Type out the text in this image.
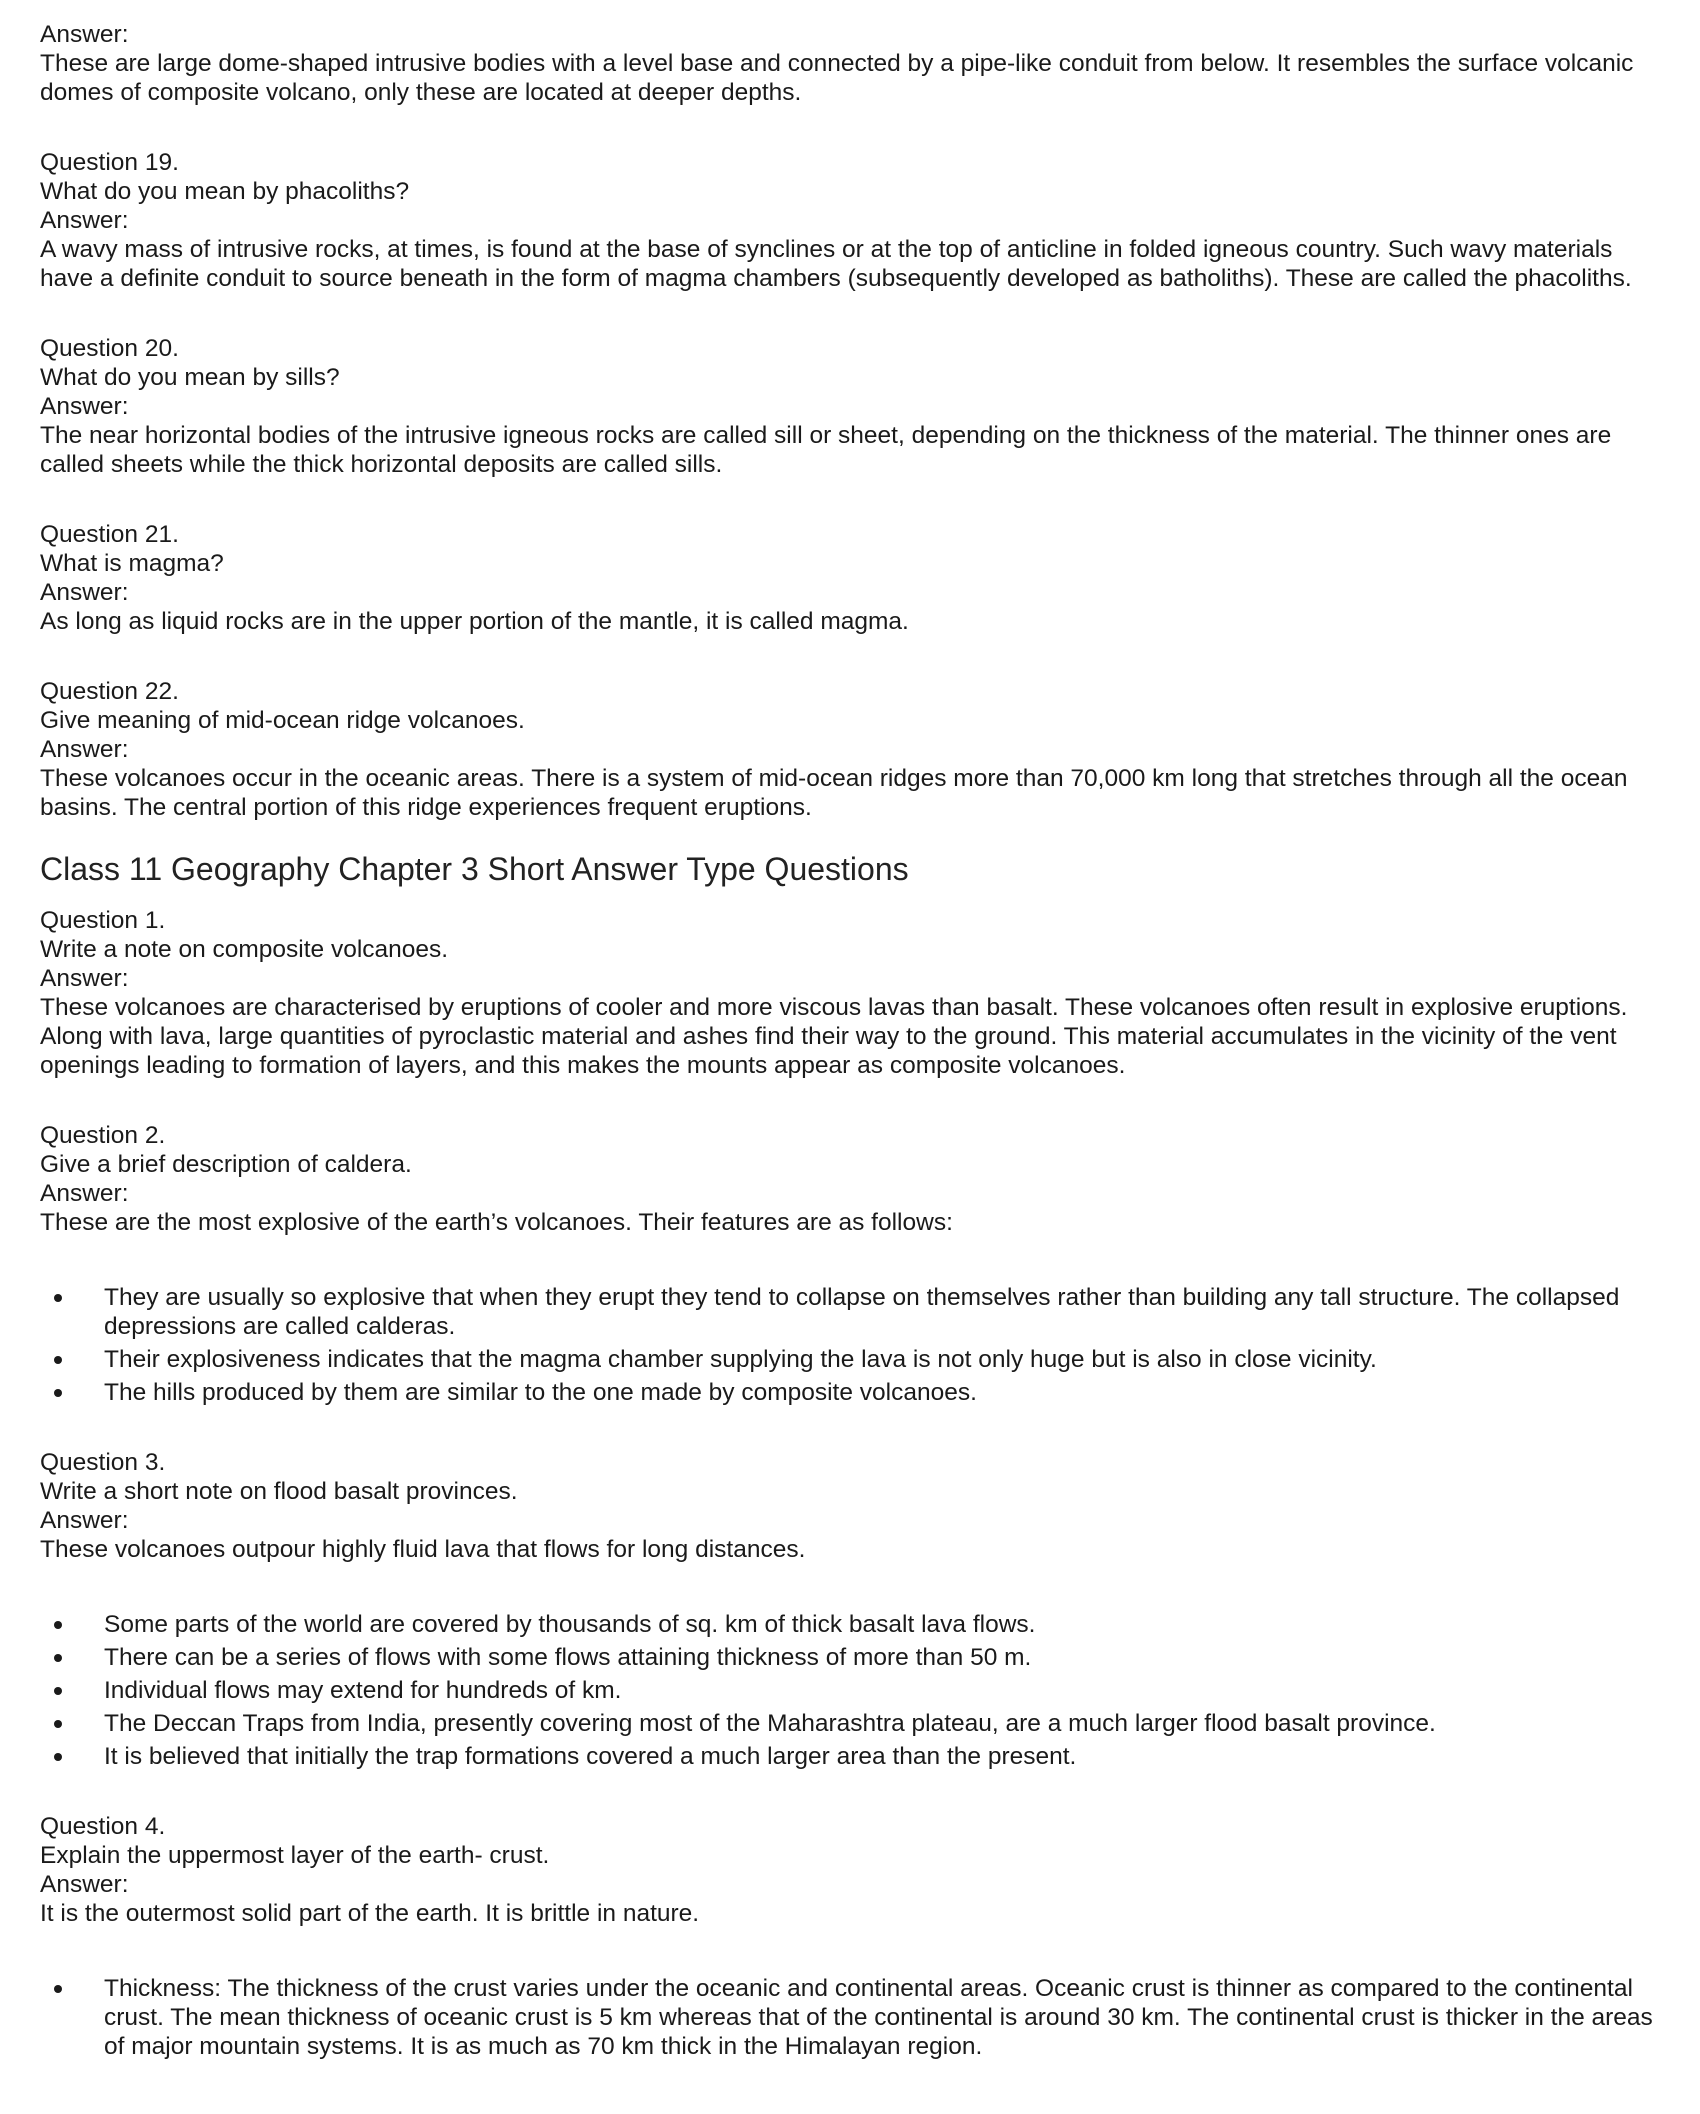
Answer:
These are large dome-shaped intrusive bodies with a level base and connected by a pipe-like conduit from below. It resembles the surface volcanic domes of composite volcano, only these are located at deeper depths.
Question 19.
What do you mean by phacoliths?
Answer:
A wavy mass of intrusive rocks, at times, is found at the base of synclines or at the top of anticline in folded igneous country. Such wavy materials have a definite conduit to source beneath in the form of magma chambers (subsequently developed as batholiths). These are called the phacoliths.
Question 20.
What do you mean by sills?
Answer:
The near horizontal bodies of the intrusive igneous rocks are called sill or sheet, depending on the thickness of the material. The thinner ones are called sheets while the thick horizontal deposits are called sills.
Question 21.
What is magma?
Answer:
As long as liquid rocks are in the upper portion of the mantle, it is called magma.
Question 22.
Give meaning of mid-ocean ridge volcanoes.
Answer:
These volcanoes occur in the oceanic areas. There is a system of mid-ocean ridges more than 70,000 km long that stretches through all the ocean basins. The central portion of this ridge experiences frequent eruptions.
Class 11 Geography Chapter 3 Short Answer Type Questions
Question 1.
Write a note on composite volcanoes.
Answer:
These volcanoes are characterised by eruptions of cooler and more viscous lavas than basalt. These volcanoes often result in explosive eruptions. Along with lava, large quantities of pyroclastic material and ashes find their way to the ground. This material accumulates in the vicinity of the vent openings leading to formation of layers, and this makes the mounts appear as composite volcanoes.
Question 2.
Give a brief description of caldera.
Answer:
These are the most explosive of the earth’s volcanoes. Their features are as follows:
They are usually so explosive that when they erupt they tend to collapse on themselves rather than building any tall structure. The collapsed depressions are called calderas.
Their explosiveness indicates that the magma chamber supplying the lava is not only huge but is also in close vicinity.
The hills produced by them are similar to the one made by composite volcanoes.
Question 3.
Write a short note on flood basalt provinces.
Answer:
These volcanoes outpour highly fluid lava that flows for long distances.
Some parts of the world are covered by thousands of sq. km of thick basalt lava flows.
There can be a series of flows with some flows attaining thickness of more than 50 m.
Individual flows may extend for hundreds of km.
The Deccan Traps from India, presently covering most of the Maharashtra plateau, are a much larger flood basalt province.
It is believed that initially the trap formations covered a much larger area than the present.
Question 4.
Explain the uppermost layer of the earth- crust.
Answer:
It is the outermost solid part of the earth. It is brittle in nature.
Thickness: The thickness of the crust varies under the oceanic and continental areas. Oceanic crust is thinner as compared to the continental crust. The mean thickness of oceanic crust is 5 km whereas that of the continental is around 30 km. The continental crust is thicker in the areas of major mountain systems. It is as much as 70 km thick in the Himalayan region.
